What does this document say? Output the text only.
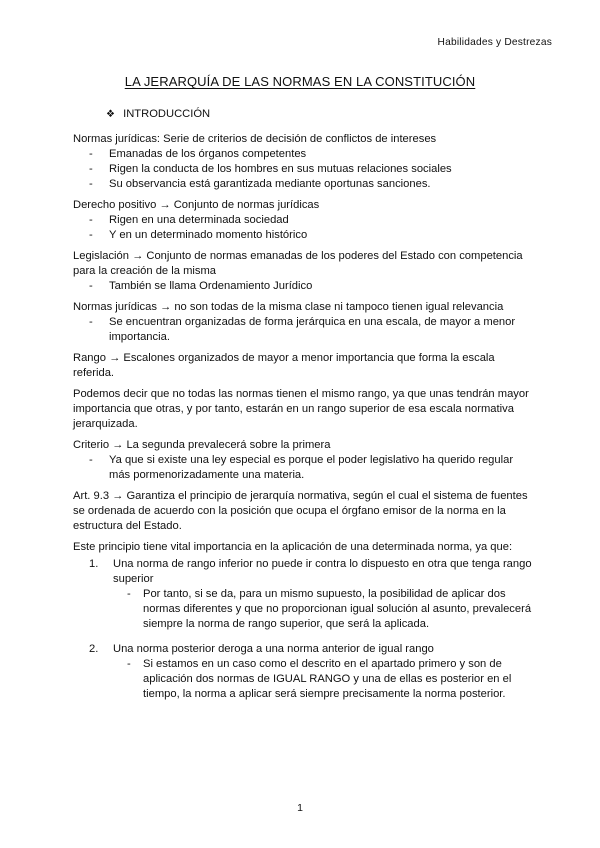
Habilidades y Destrezas
LA JERARQUÍA DE LAS NORMAS EN LA CONSTITUCIÓN
❖ INTRODUCCIÓN
Normas jurídicas: Serie de criterios de decisión de conflictos de intereses
-	Emanadas de los órganos competentes
-	Rigen la conducta de los hombres en sus mutuas relaciones sociales
-	Su observancia está garantizada mediante oportunas sanciones.
Derecho positivo → Conjunto de normas jurídicas
-	Rigen en una determinada sociedad
-	Y en un determinado momento histórico
Legislación → Conjunto de normas emanadas de los poderes del Estado con competencia para la creación de la misma
-	También se llama Ordenamiento Jurídico
Normas jurídicas → no son todas de la misma clase ni tampoco tienen igual relevancia
-	Se encuentran organizadas de forma jerárquica en una escala, de mayor a menor importancia.
Rango → Escalones organizados de mayor a menor importancia que forma la escala referida.
Podemos decir que no todas las normas tienen el mismo rango, ya que unas tendrán mayor importancia que otras, y por tanto, estarán en un rango superior de esa escala normativa jerarquizada.
Criterio → La segunda prevalecerá sobre la primera
-	Ya que si existe una ley especial es porque el poder legislativo ha querido regular más pormenorizadamente una materia.
Art. 9.3 → Garantiza el principio de jerarquía normativa, según el cual el sistema de fuentes se ordenada de acuerdo con la posición que ocupa el órgfano emisor de la norma en la estructura del Estado.
Este principio tiene vital importancia en la aplicación de una determinada norma, ya que:
1.	Una norma de rango inferior no puede ir contra lo dispuesto en otra que tenga rango superior
-	Por tanto, si se da, para un mismo supuesto, la posibilidad de aplicar dos normas diferentes y que no proporcionan igual solución al asunto, prevalecerá siempre la norma de rango superior, que será la aplicada.
2.	Una norma posterior deroga a una norma anterior de igual rango
-	Si estamos en un caso como el descrito en el apartado primero y son de aplicación dos normas de IGUAL RANGO y una de ellas es posterior en el tiempo, la norma a aplicar será siempre precisamente la norma posterior.
1
